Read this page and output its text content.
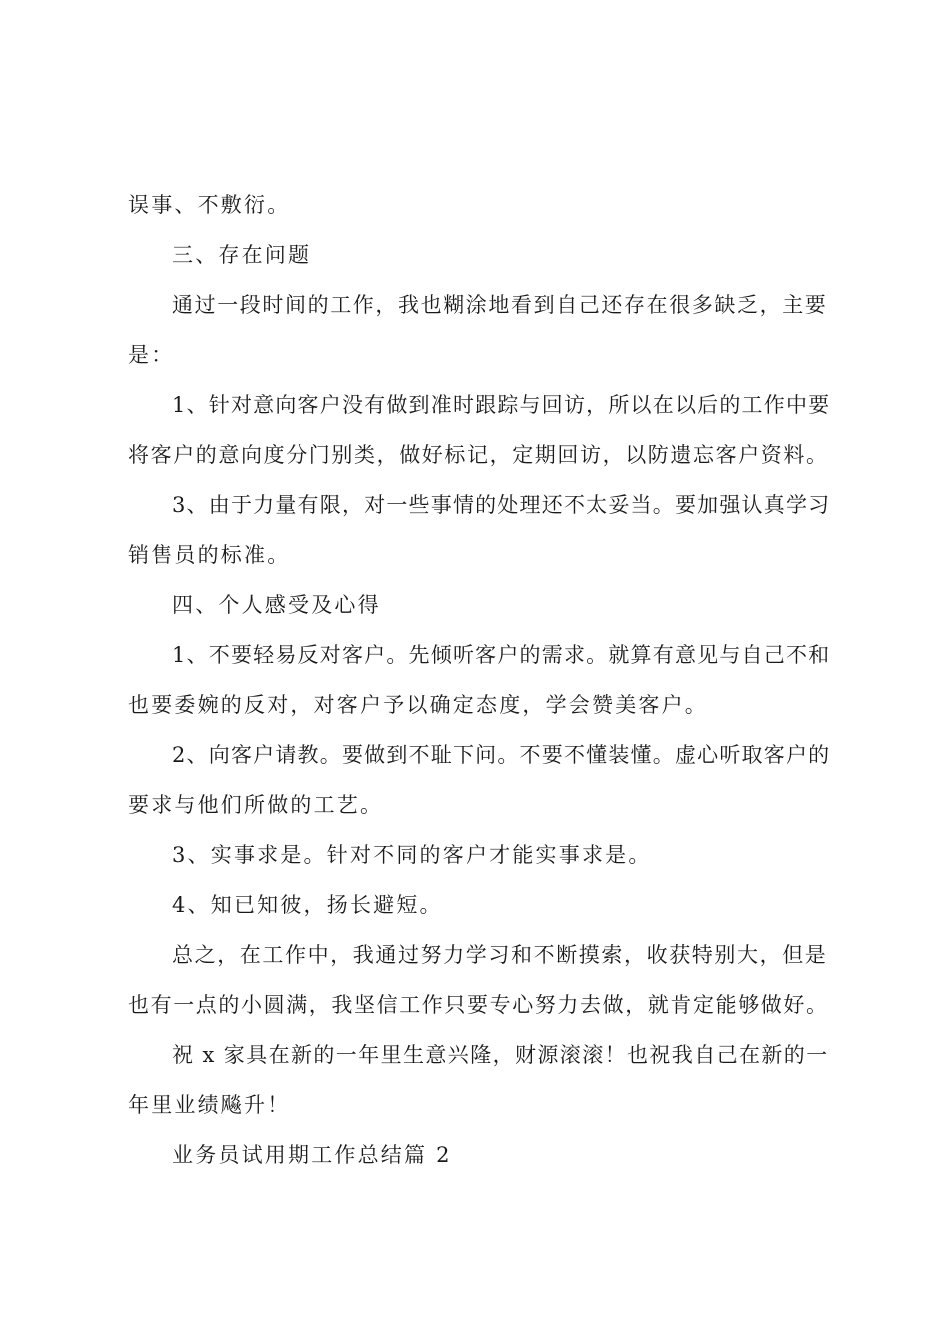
误事、不敷衍。
三、存在问题
通过一段时间的工作，我也糊涂地看到自己还存在很多缺乏，主要
是：
1、针对意向客户没有做到准时跟踪与回访，所以在以后的工作中要
将客户的意向度分门别类，做好标记，定期回访，以防遗忘客户资料。
3、由于力量有限，对一些事情的处理还不太妥当。要加强认真学习
销售员的标准。
四、个人感受及心得
1、不要轻易反对客户。先倾听客户的需求。就算有意见与自己不和
也要委婉的反对，对客户予以确定态度，学会赞美客户。
2、向客户请教。要做到不耻下问。不要不懂装懂。虚心听取客户的
要求与他们所做的工艺。
3、实事求是。针对不同的客户才能实事求是。
4、知已知彼，扬长避短。
总之，在工作中，我通过努力学习和不断摸索，收获特别大，但是
也有一点的小圆满，我坚信工作只要专心努力去做，就肯定能够做好。
祝 x 家具在新的一年里生意兴隆，财源滚滚！也祝我自己在新的一
年里业绩飚升！
业务员试用期工作总结篇 2
